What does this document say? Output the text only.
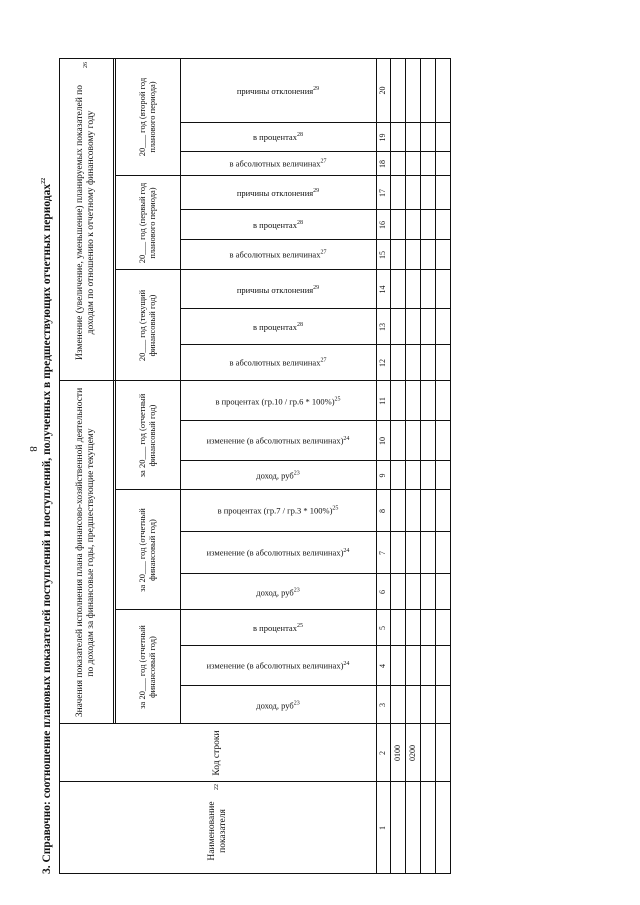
8 3. Справочно: соотношение плановых показателей поступлений и поступлений, полученных в предшествующих отчетных периодах$^{22}$
Наименование показателя
22
Код строки
Значения показателей исполнения плана финансово-хозяйственной деятельности по доходам за финансовые годы, предшествующие текущему
Изменение (увеличение, уменьшение) планируемых показателей по доходам по отношению к отчетному финансовому году
26
за 20___ год (отчетный финансовый год)
за 20___ год (отчетный финансовый год)
за 20___ год (отчетный финансовый год)
20___ год (текущий финансовый год)
20___ год (первый год планового периода)
20___ год (второй год планового периода)
доход, руб$^{23}$
изменение (в абсолютных величинах)$^{24}$
в процентах$^{25}$
доход, руб$^{23}$
изменение (в абсолютных величинах)$^{24}$
в процентах (гр.7 / гр.3 * 100%)$^{25}$
доход, руб$^{23}$
изменение (в абсолютных величинах)$^{24}$
в процентах (гр.10 / гр.6 * 100%)$^{25}$
в абсолютных величинах$^{27}$
в процентах$^{28}$
причины отклонения$^{29}$
в абсолютных величинах$^{27}$
в процентах$^{28}$
причины отклонения$^{29}$
в абсолютных величинах$^{27}$
в процентах$^{28}$
причины отклонения$^{29}$
1
2
3
4
5
6
7
8
9
10
11
12
13
14
15
16
17
18
19
20
0100 0200
